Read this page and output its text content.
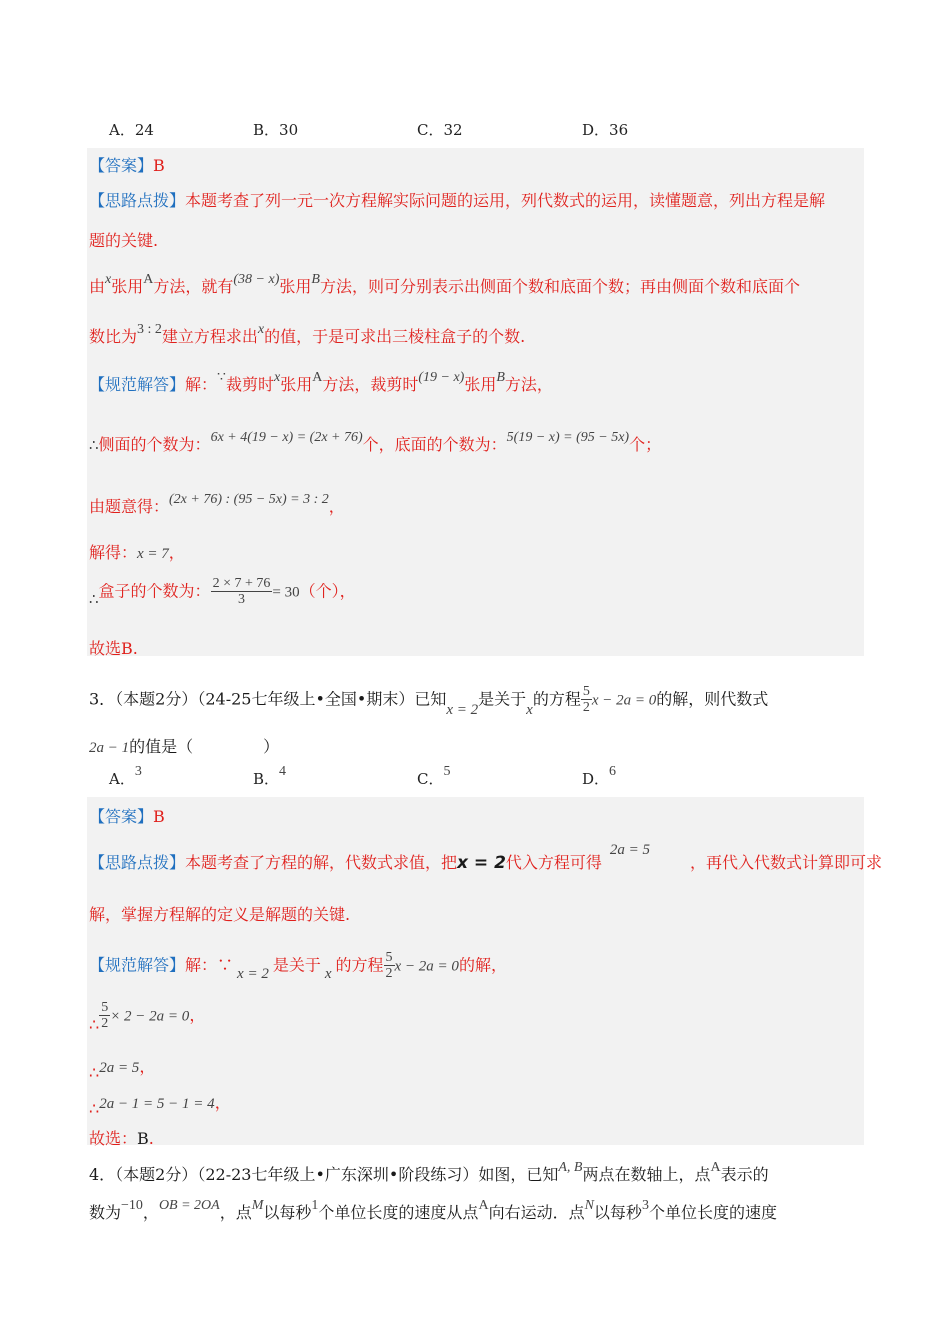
A．24	B．30	C．32	D．36
【答案】B
【思路点拨】本题考查了列一元一次方程解实际问题的运用，列代数式的运用，读懂题意，列出方程是解
题的关键.
由x张用A方法，就有(38 − x)张用B方法，则可分别表示出侧面个数和底面个数；再由侧面个数和底面个
数比为3 : 2建立方程求出x的值，于是可求出三棱柱盒子的个数.
【规范解答】解：∵裁剪时x张用A方法，裁剪时(19 − x)张用B方法，
∴侧面的个数为：6x + 4(19 − x) = (2x + 76)个，底面的个数为：5(19 − x) = (95 − 5x)个；
由题意得：(2x + 76) : (95 − 5x) = 3 : 2，
解得：x = 7，
∴盒子的个数为： $\frac{2 \times 7 + 76}{3} = 30$（个），
故选B.
3．（本题2分）（24-25七年级上•全国•期末）已知x = 2是关于x的方程 $\frac{5}{2}$ x − 2a = 0的解，则代数式
2a − 1的值是（	）
A．3	B．4	C．5	D．6
【答案】B
【思路点拨】本题考查了方程的解，代数式求值，把x = 2代入方程可得2a = 5，再代入代数式计算即可求
解，掌握方程解的定义是解题的关键.
【规范解答】解：∵ x = 2 是关于 x 的方程 $\frac{5}{2}$ x − 2a = 0的解，
∴ $\frac{5}{2} \times 2 - 2a = 0$，
∴2a = 5，
∴2a − 1 = 5 − 1 = 4，
故选：B.
4．（本题2分）（22-23七年级上•广东深圳•阶段练习）如图，已知A, B两点在数轴上，点A表示的
数为−10，OB = 2OA，点M以每秒1个单位长度的速度从点A向右运动．点N以每秒3个单位长度的速度
